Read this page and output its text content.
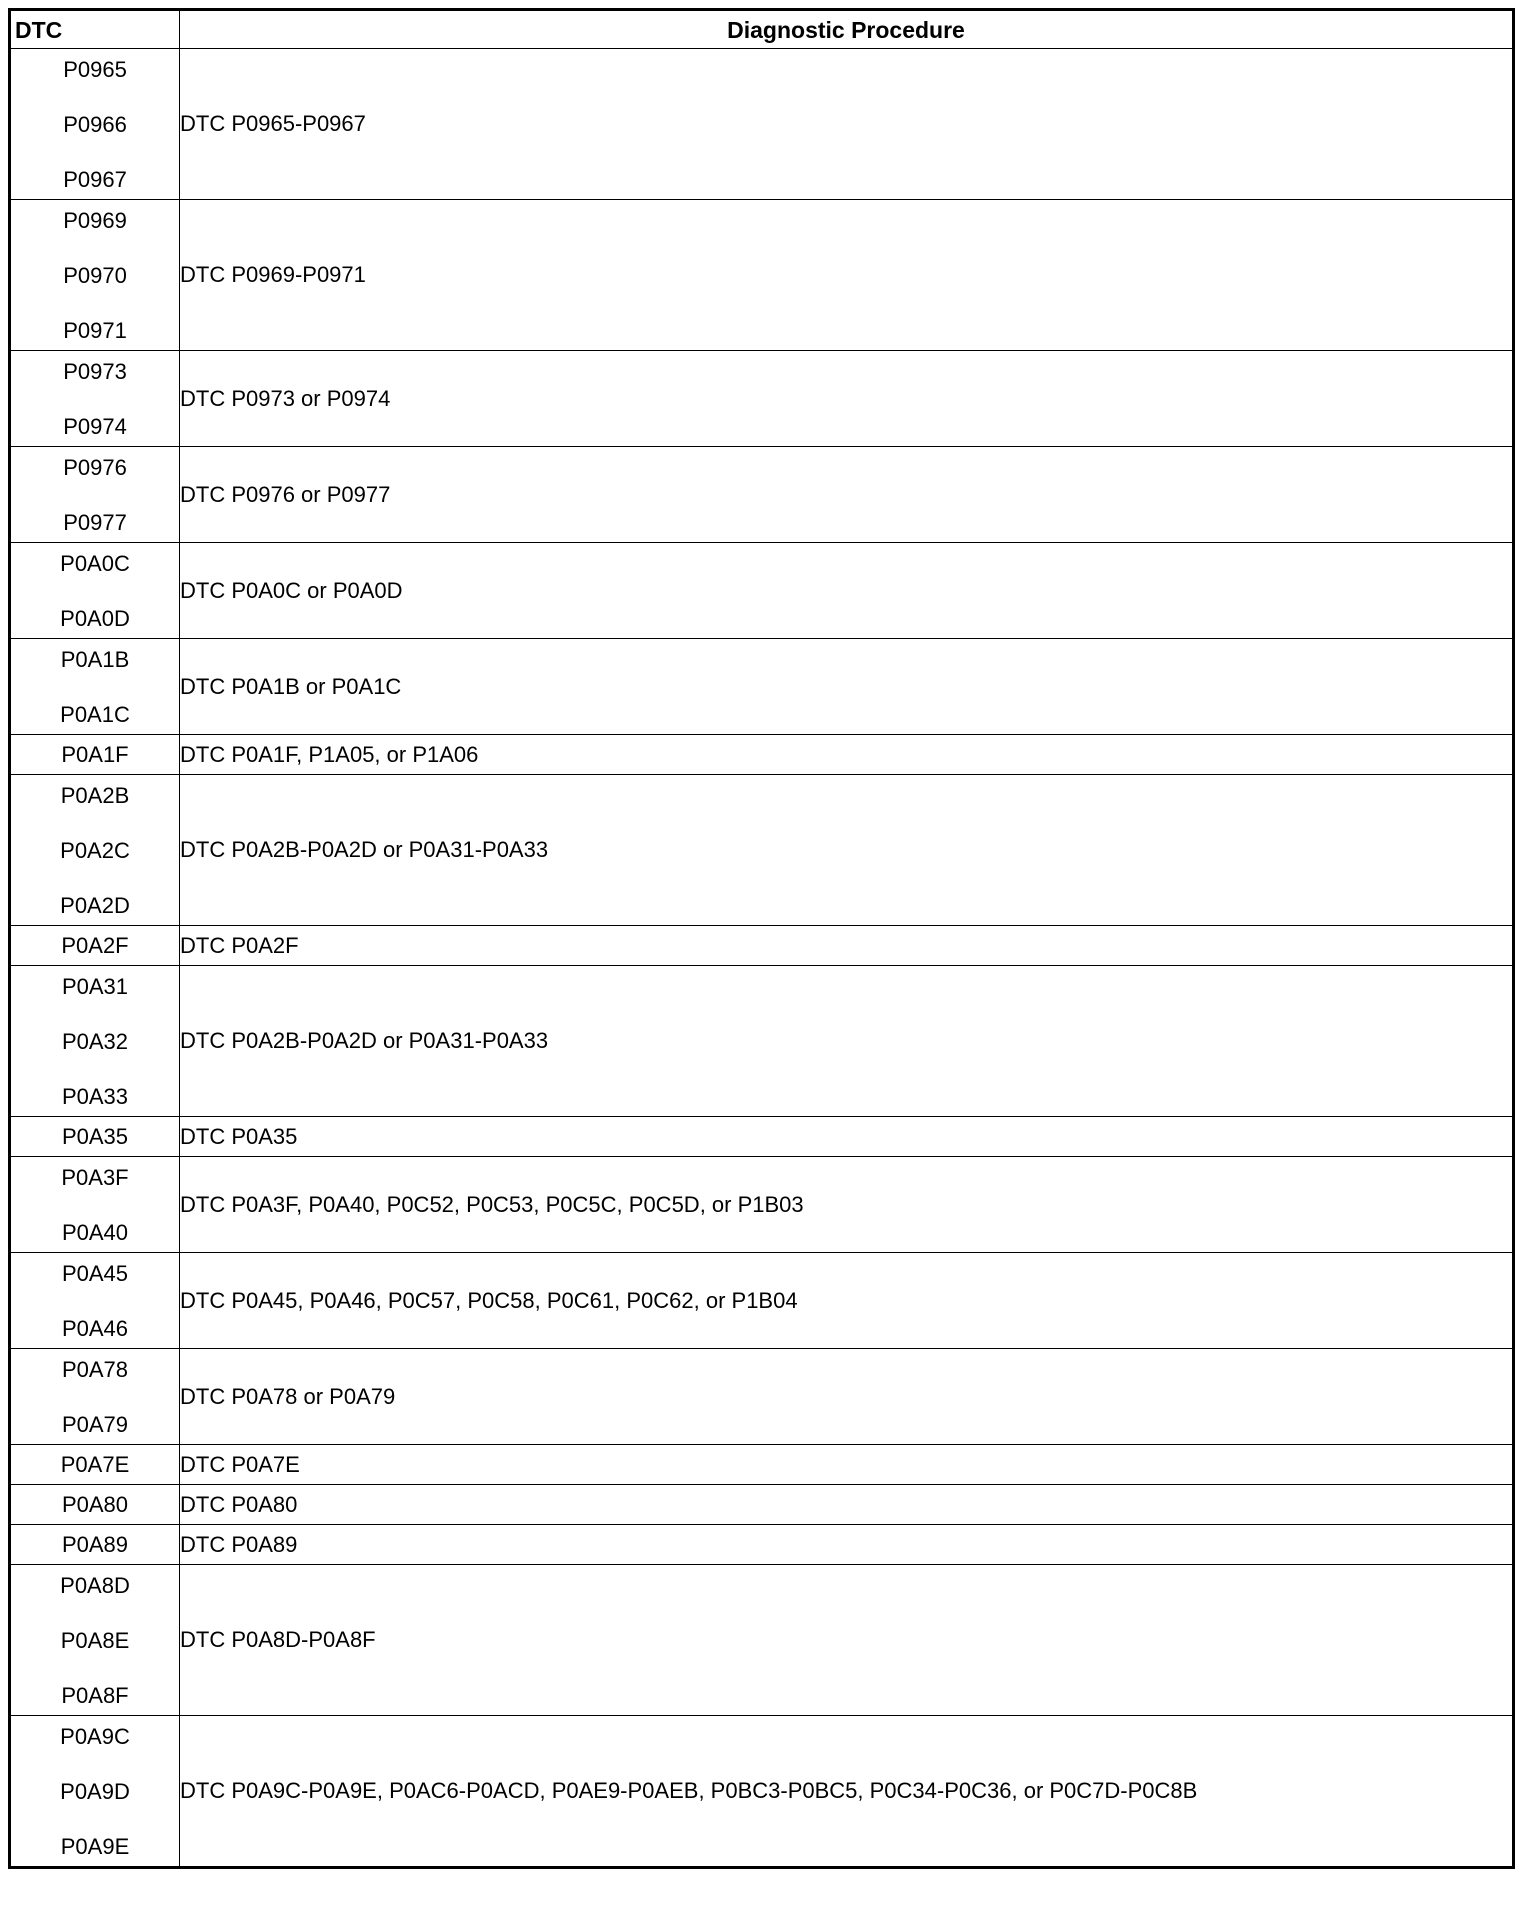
DTC	Diagnostic Procedure

P0965
P0966
P0967	DTC P0965-P0967

P0969
P0970
P0971	DTC P0969-P0971

P0973
P0974	DTC P0973 or P0974

P0976
P0977	DTC P0976 or P0977

P0A0C
P0A0D	DTC P0A0C or P0A0D

P0A1B
P0A1C	DTC P0A1B or P0A1C

P0A1F	DTC P0A1F, P1A05, or P1A06

P0A2B
P0A2C
P0A2D	DTC P0A2B-P0A2D or P0A31-P0A33

P0A2F	DTC P0A2F

P0A31
P0A32
P0A33	DTC P0A2B-P0A2D or P0A31-P0A33

P0A35	DTC P0A35

P0A3F
P0A40	DTC P0A3F, P0A40, P0C52, P0C53, P0C5C, P0C5D, or P1B03

P0A45
P0A46	DTC P0A45, P0A46, P0C57, P0C58, P0C61, P0C62, or P1B04

P0A78
P0A79	DTC P0A78 or P0A79

P0A7E	DTC P0A7E

P0A80	DTC P0A80

P0A89	DTC P0A89

P0A8D
P0A8E
P0A8F	DTC P0A8D-P0A8F

P0A9C
P0A9D
P0A9E	DTC P0A9C-P0A9E, P0AC6-P0ACD, P0AE9-P0AEB, P0BC3-P0BC5, P0C34-P0C36, or P0C7D-P0C8B
